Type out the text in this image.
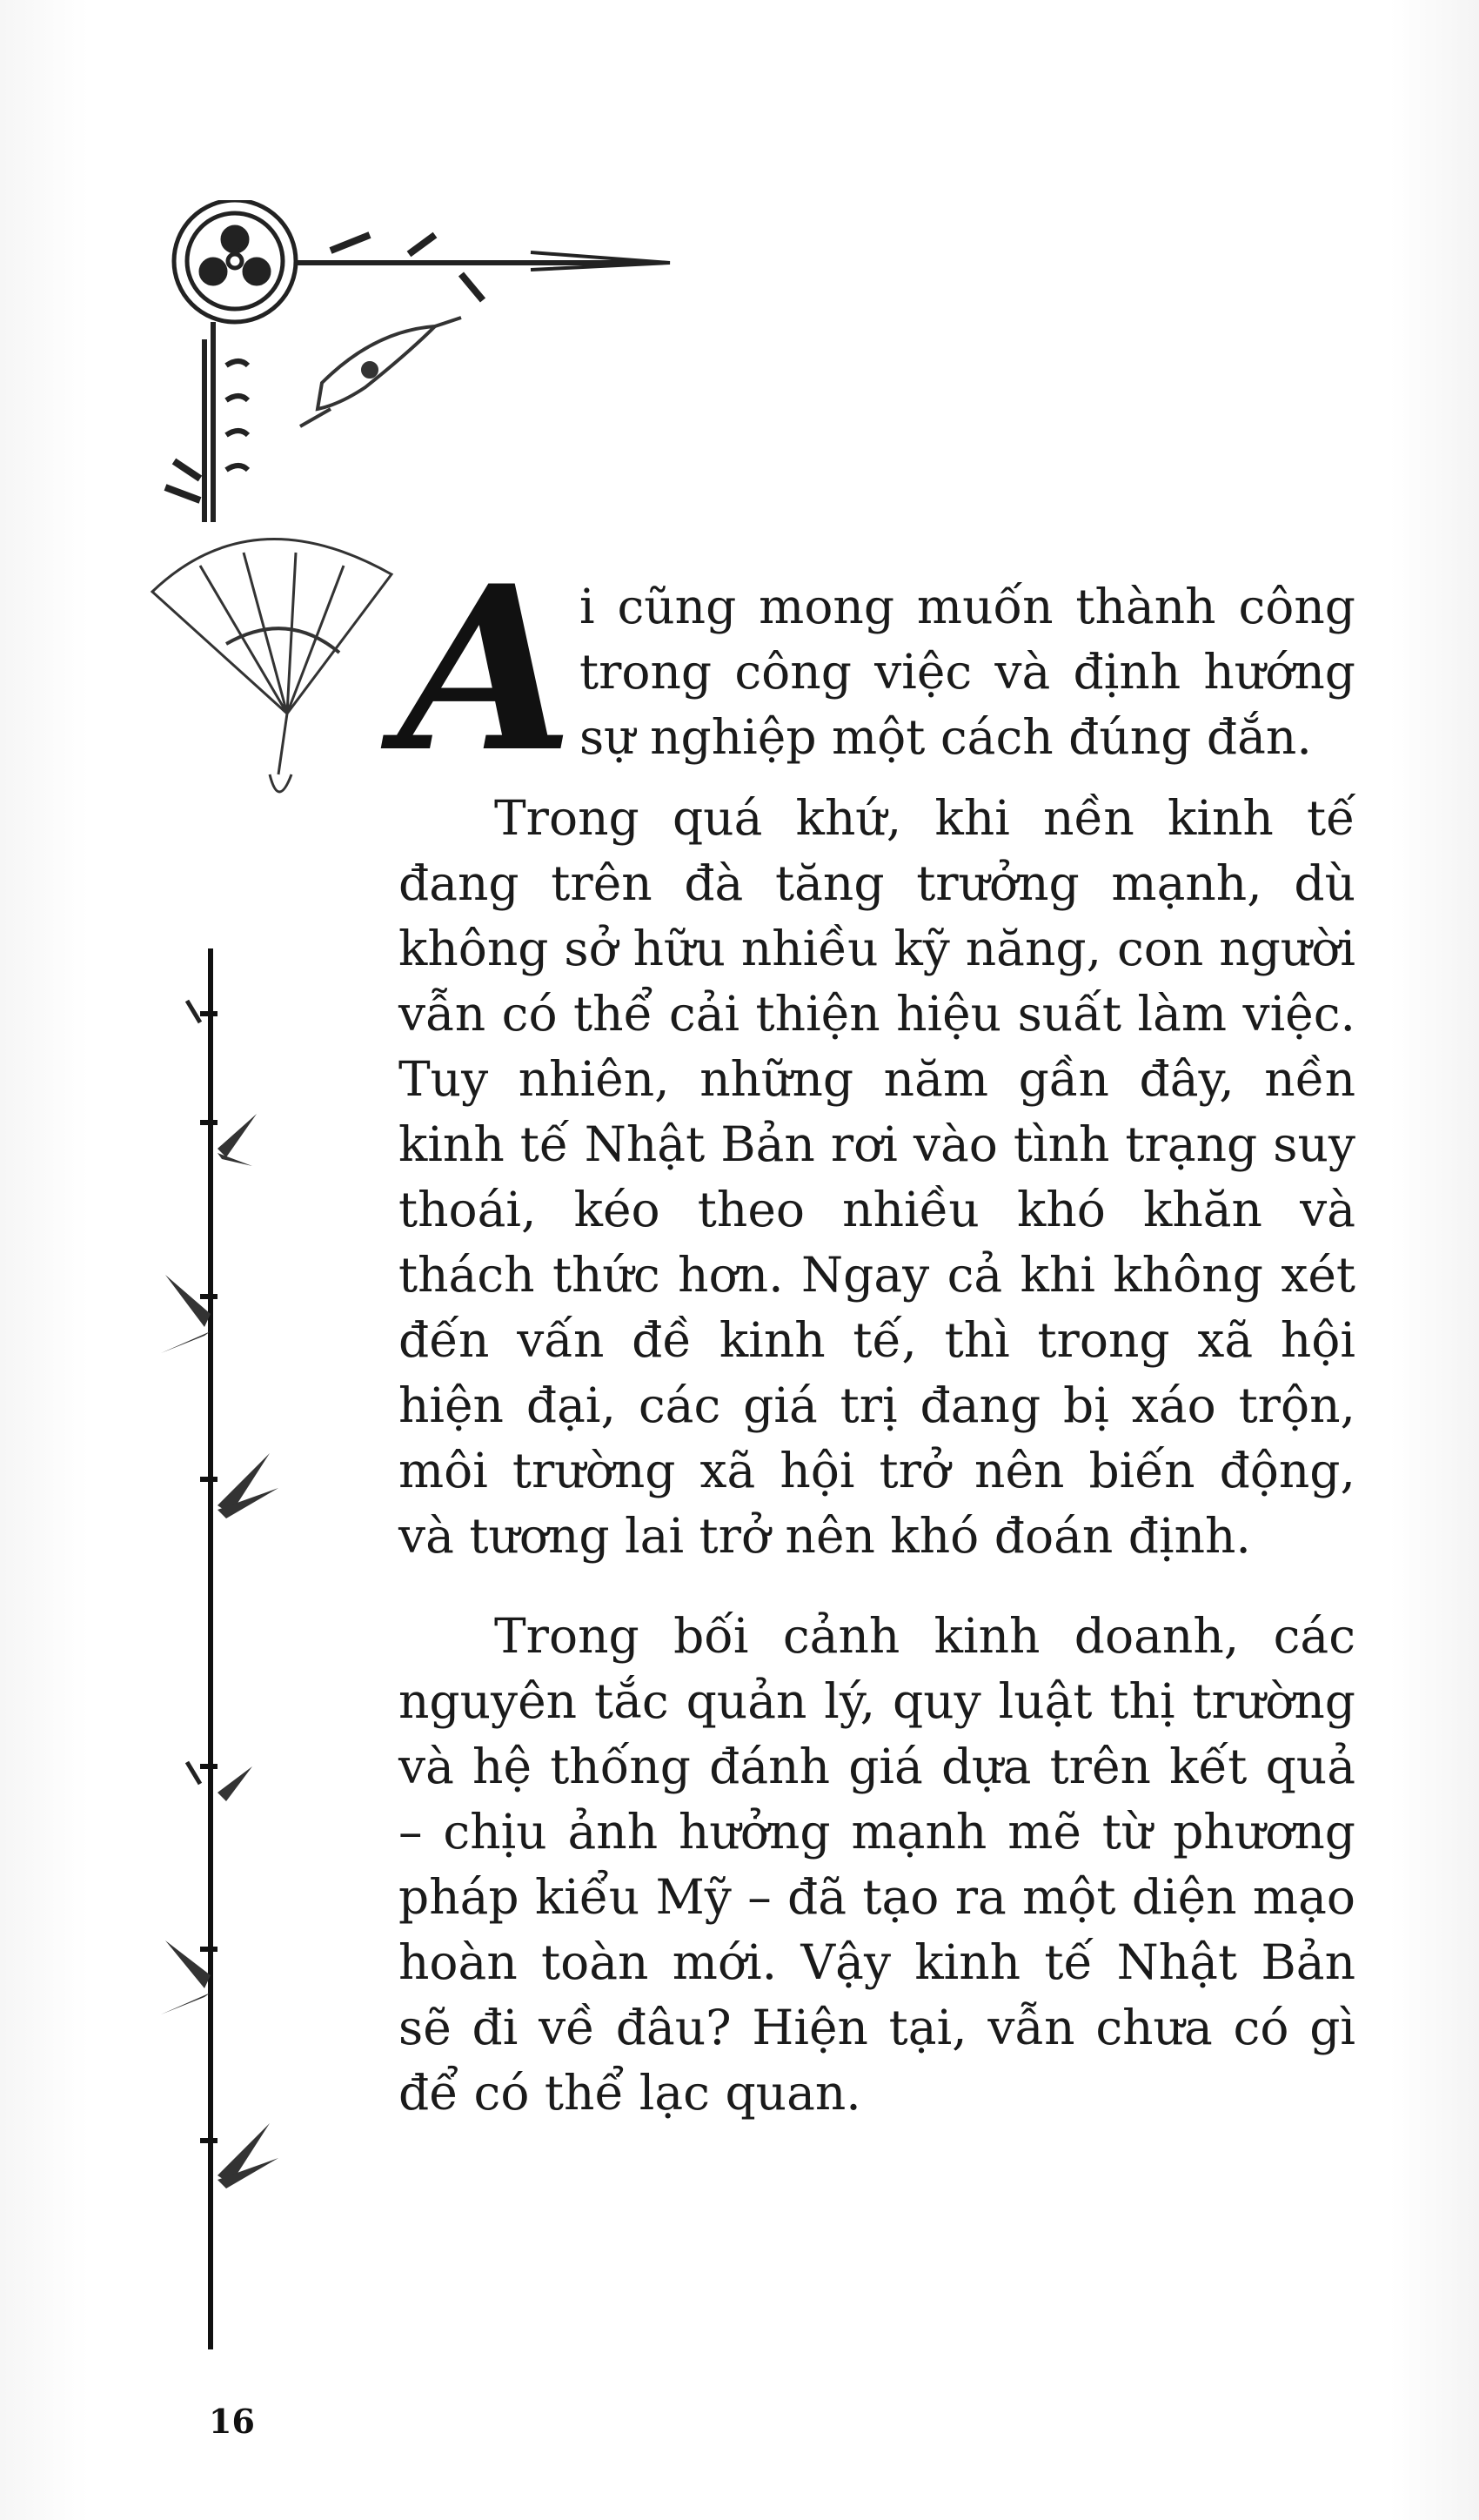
Ai cũng mong muốn thành công trong công việc và định hướng sự nghiệp một cách đúng đắn.

Trong quá khứ, khi nền kinh tế đang trên đà tăng trưởng mạnh, dù không sở hữu nhiều kỹ năng, con người vẫn có thể cải thiện hiệu suất làm việc. Tuy nhiên, những năm gần đây, nền kinh tế Nhật Bản rơi vào tình trạng suy thoái, kéo theo nhiều khó khăn và thách thức hơn. Ngay cả khi không xét đến vấn đề kinh tế, thì trong xã hội hiện đại, các giá trị đang bị xáo trộn, môi trường xã hội trở nên biến động, và tương lai trở nên khó đoán định.

Trong bối cảnh kinh doanh, các nguyên tắc quản lý, quy luật thị trường và hệ thống đánh giá dựa trên kết quả – chịu ảnh hưởng mạnh mẽ từ phương pháp kiểu Mỹ – đã tạo ra một diện mạo hoàn toàn mới. Vậy kinh tế Nhật Bản sẽ đi về đâu? Hiện tại, vẫn chưa có gì để có thể lạc quan.

16
